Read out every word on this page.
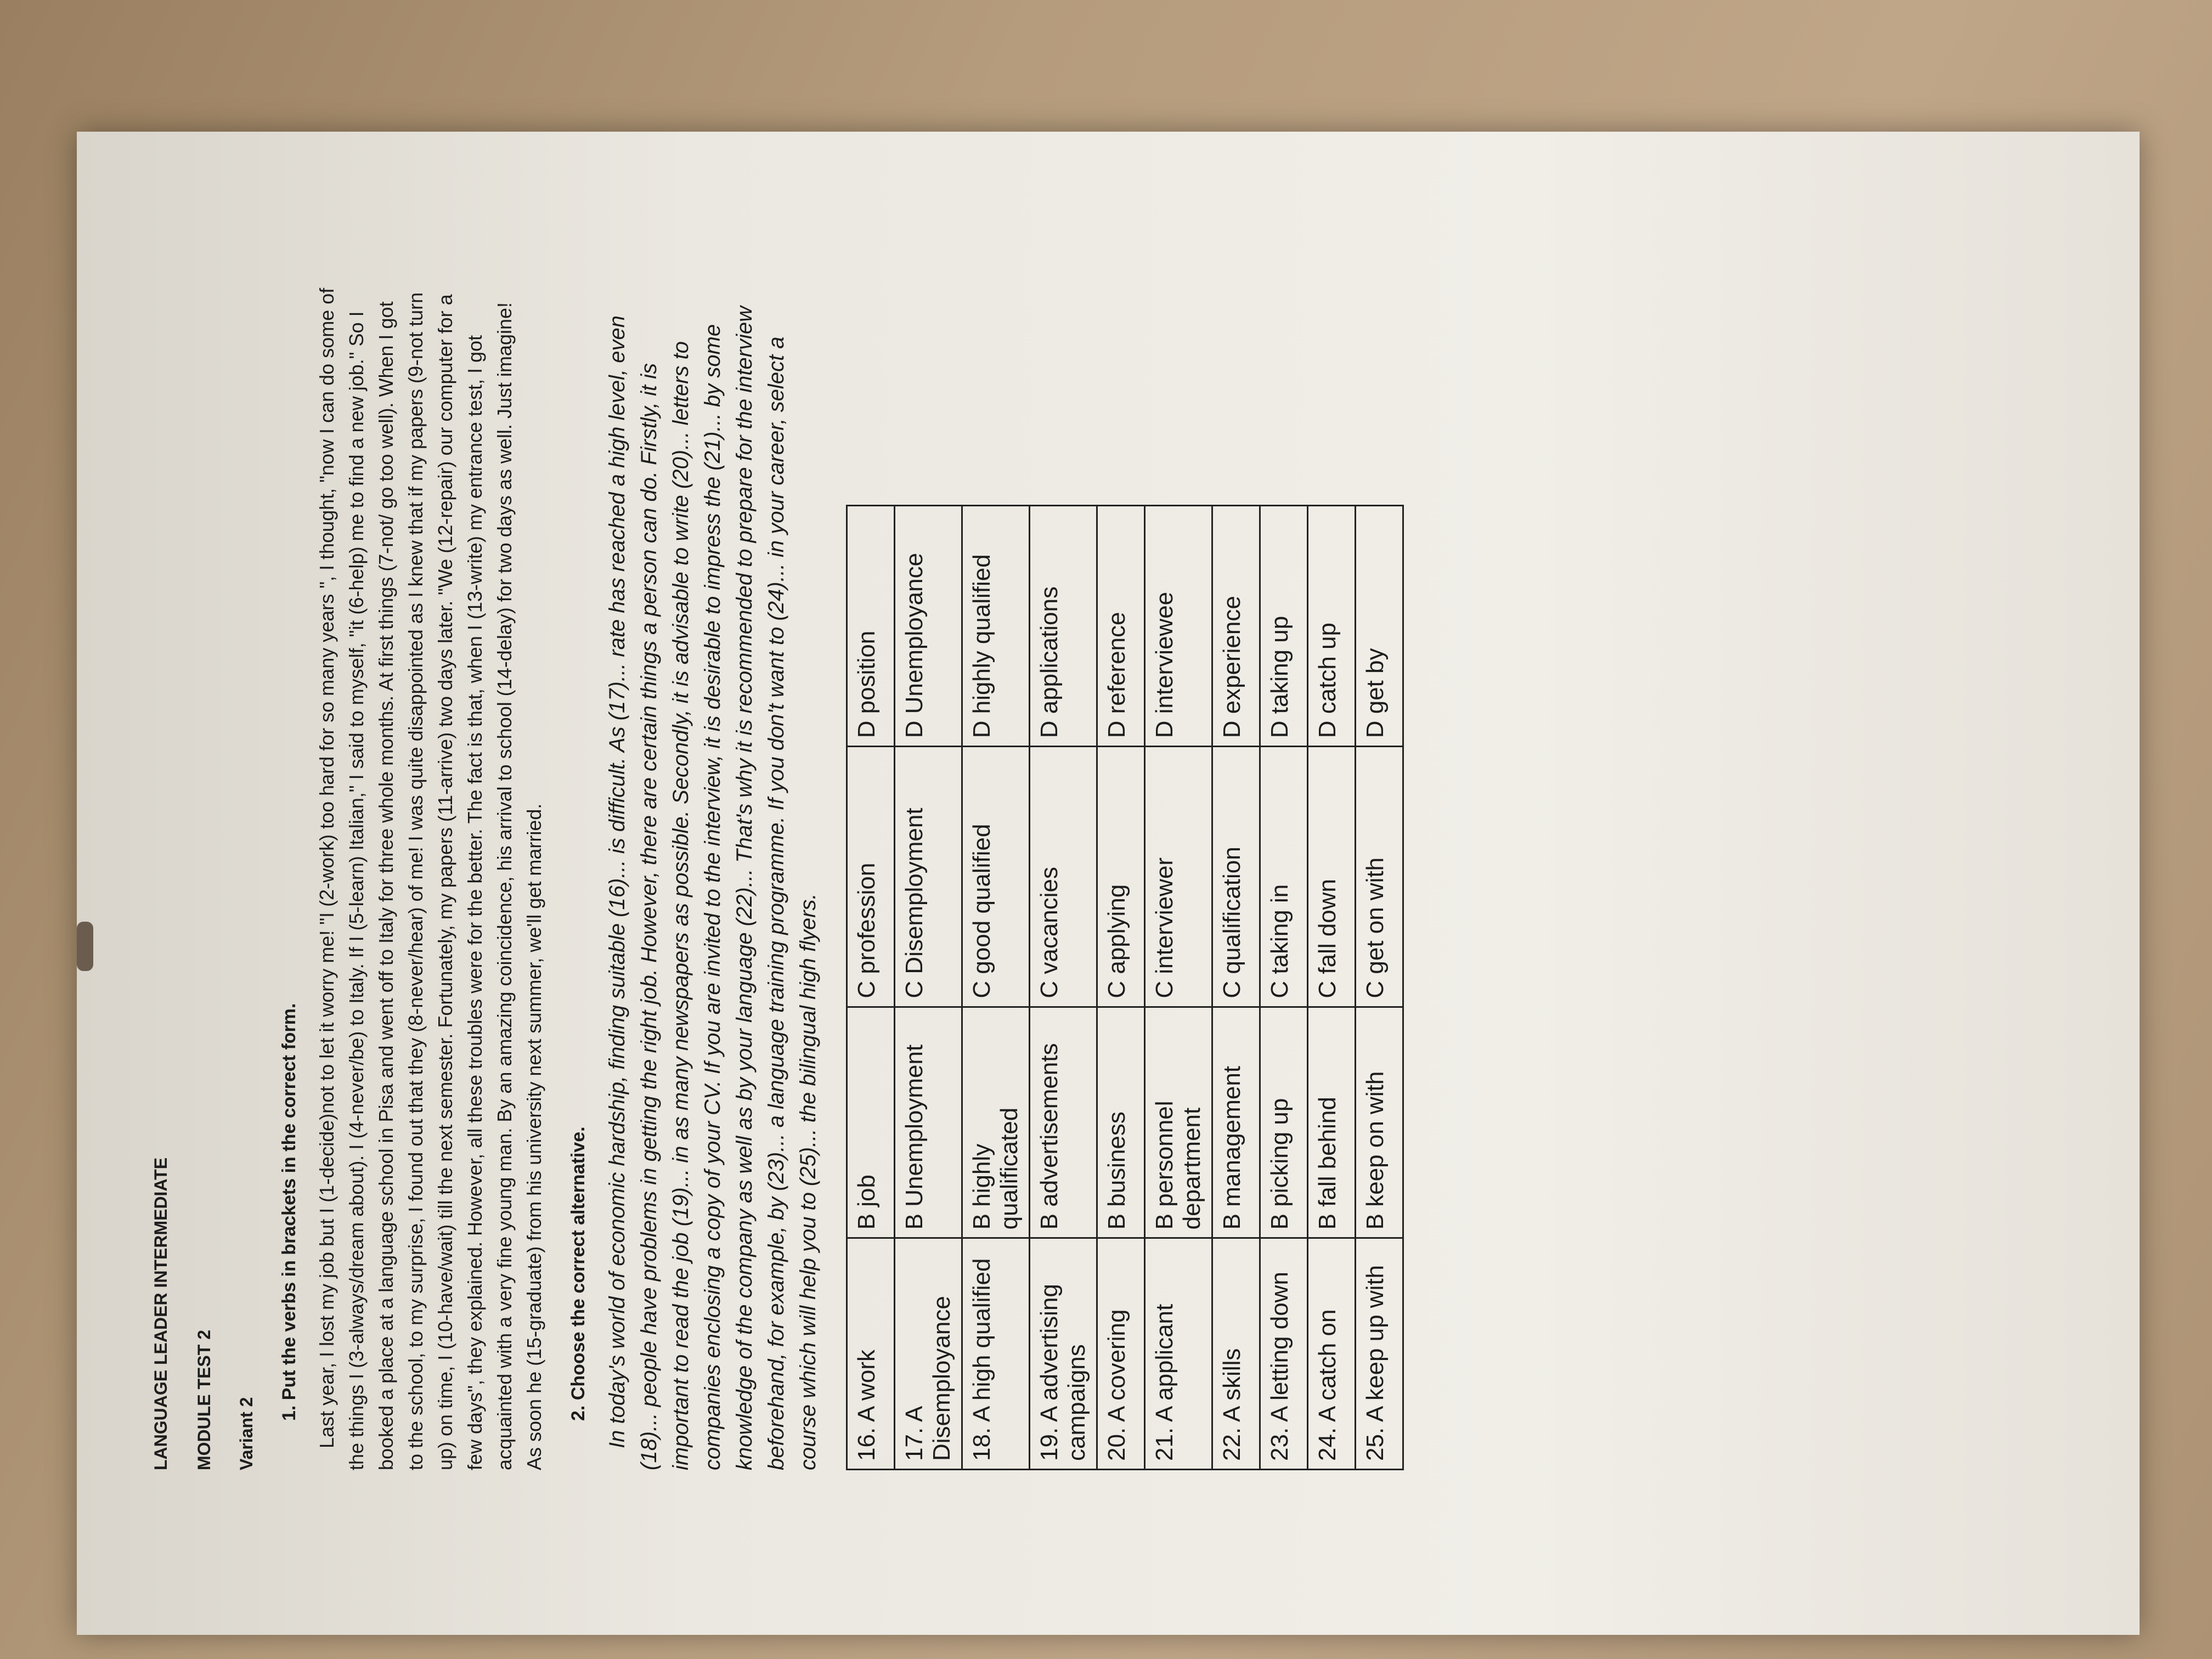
LANGUAGE LEADER INTERMEDIATE MODULE TEST 2 Variant 2
1. Put the verbs in brackets in the correct form. Last year, I lost my job but I (1-decide)not to let it worry me! "I (2-work) too hard for so many years ", I thought, "now I can do some of the things I (3-always/dream about). I (4-never/be) to Italy. If I (5-learn) Italian," I said to myself, "it (6-help) me to find a new job." So I booked a place at a language school in Pisa and went off to Italy for three whole months. At first things (7-not/ go too well). When I got to the school, to my surprise, I found out that they (8-never/hear) of me! I was quite disappointed as I knew that if my papers (9-not turn up) on time, I (10-have/wait) till the next semester. Fortunately, my papers (11-arrive) two days later. "We (12-repair) our computer for a few days", they explained. However, all these troubles were for the better. The fact is that, when I (13-write) my entrance test, I got acquainted with a very fine young man. By an amazing coincidence, his arrival to school (14-delay) for two days as well. Just imagine! As soon he (15-graduate) from his university next summer, we'll get married. 2. Choose the correct alternative. In today's world of economic hardship, finding suitable (16)... is difficult. As (17)... rate has reached a high level, even (18)... people have problems in getting the right job. However, there are certain things a person can do. Firstly, it is important to read the job (19)... in as many newspapers as possible. Secondly, it is advisable to write (20)... letters to companies enclosing a copy of your CV. If you are invited to the interview, it is desirable to impress the (21)... by some knowledge of the company as well as by your language (22)... That's why it is recommended to prepare for the interview beforehand, for example, by (23)... a language training programme. If you don't want to (24)... in your career, select a course which will help you to (25)... the bilingual high flyers. 16. A work	B job	C profession	D position
17. A Disemployance	B Unemployment	C Disemployment	D Unemployance
18. A high qualified	B highly qualificated	C good qualified	D highly qualified
19. A advertising campaigns	B advertisements	C vacancies	D applications
20. A covering	B business	C applying	D reference
21. A applicant	B personnel department	C interviewer	D interviewee
22. A skills	B management	C qualification	D experience
23. A letting down	B picking up	C taking in	D taking up
24. A catch on	B fall behind	C fall down	D catch up
25. A keep up with	B keep on with	C get on with	D get by
